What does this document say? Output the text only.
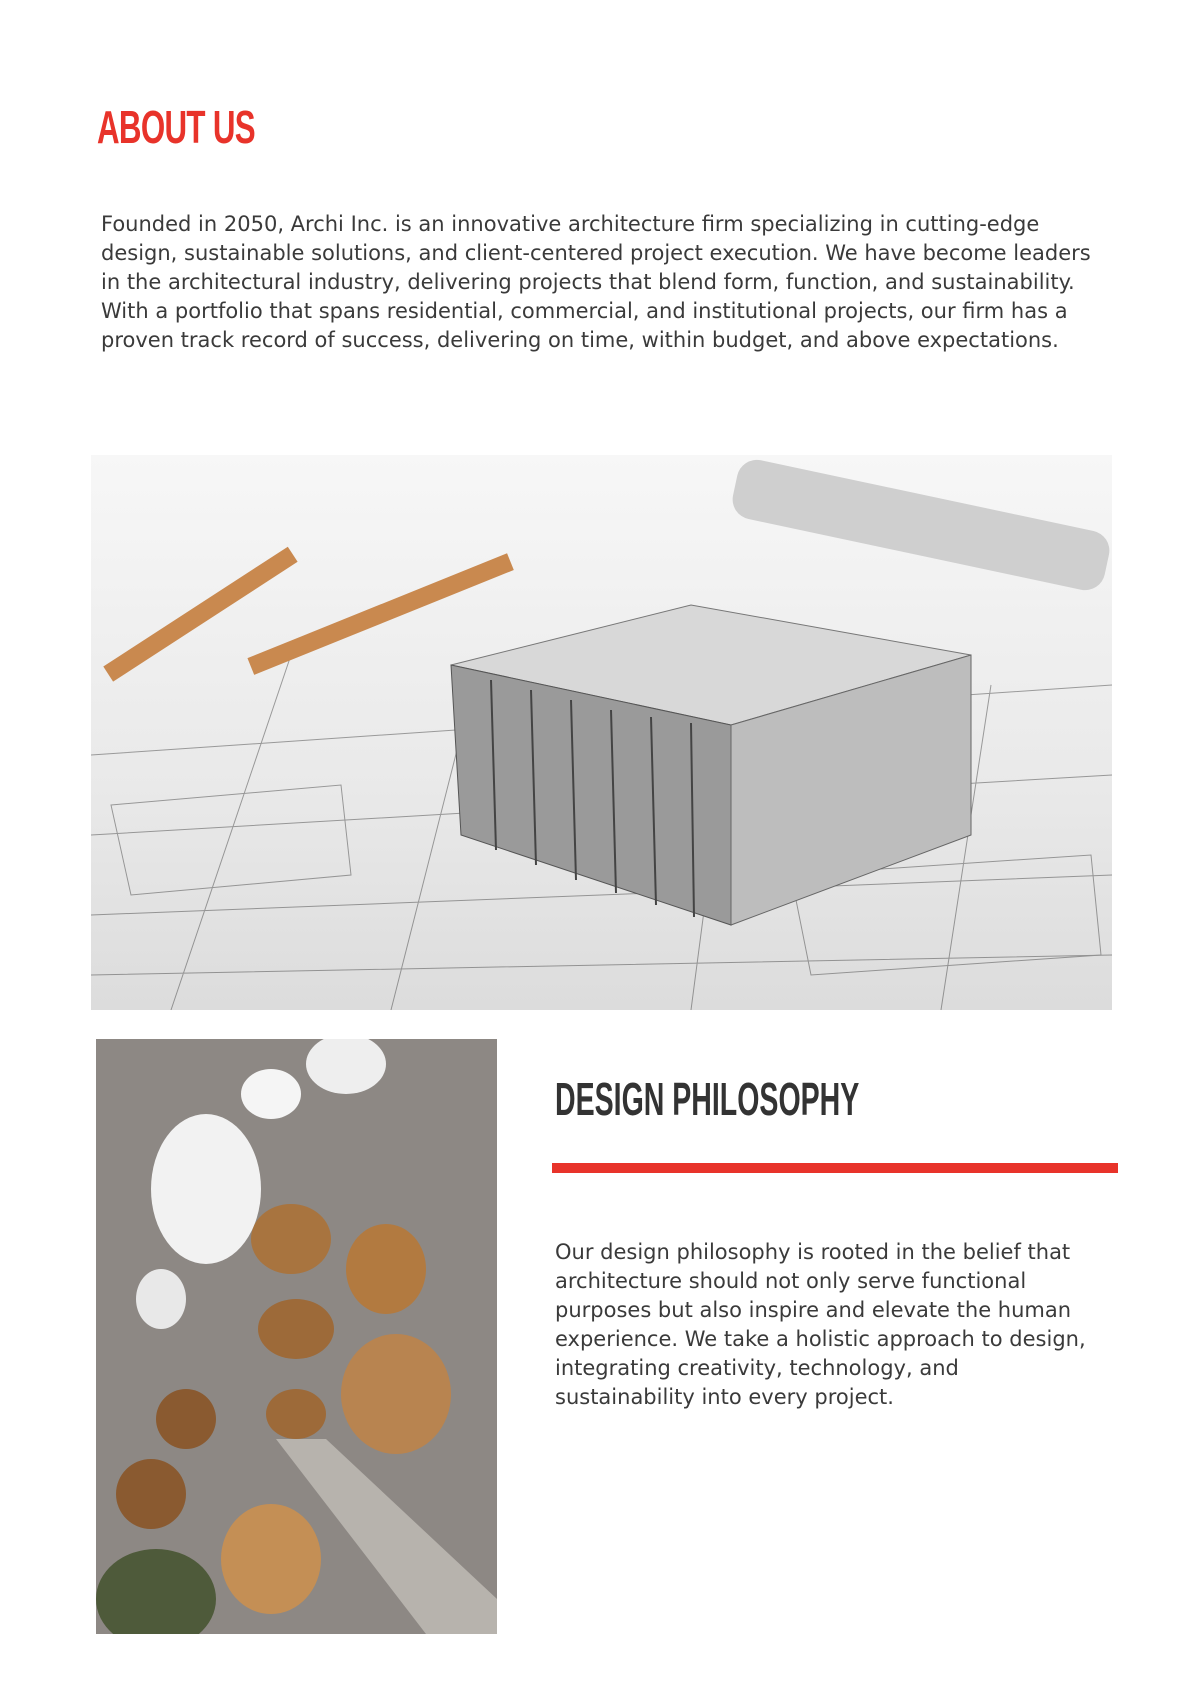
ABOUT US

Founded in 2050, Archi Inc. is an innovative architecture firm specializing in cutting-edge design, sustainable solutions, and client-centered project execution. We have become leaders in the architectural industry, delivering projects that blend form, function, and sustainability.

With a portfolio that spans residential, commercial, and institutional projects, our firm has a proven track record of success, delivering on time, within budget, and above expectations.

DESIGN PHILOSOPHY

Our design philosophy is rooted in the belief that architecture should not only serve functional purposes but also inspire and elevate the human experience. We take a holistic approach to design, integrating creativity, technology, and sustainability into every project.
